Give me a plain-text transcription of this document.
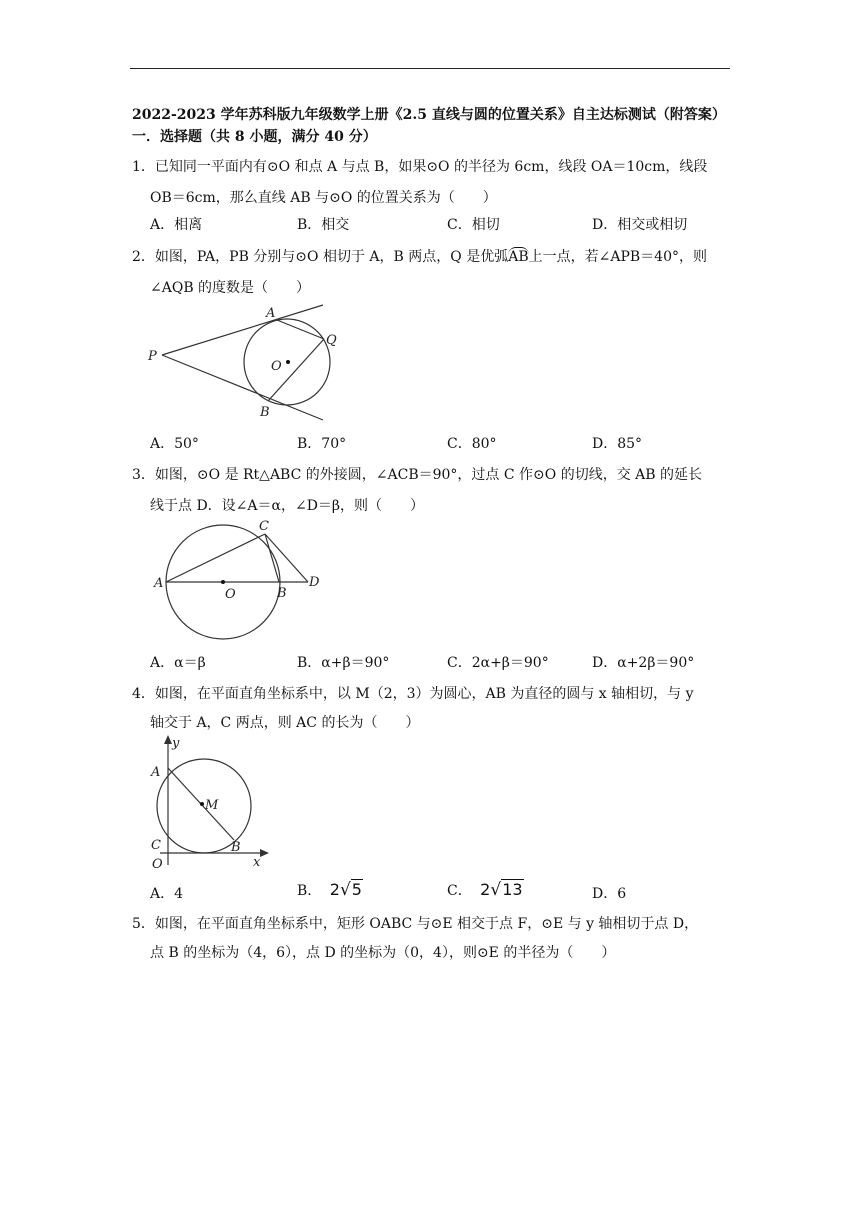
2022-2023 学年苏科版九年级数学上册《2.5 直线与圆的位置关系》自主达标测试（附答案）
一．选择题（共 8 小题，满分 40 分）
1．已知同一平面内有⊙O 和点 A 与点 B，如果⊙O 的半径为 6cm，线段 OA＝10cm，线段
OB＝6cm，那么直线 AB 与⊙O 的位置关系为（　　）
A．相离	B．相交	C．相切	D．相交或相切
2．如图，PA，PB 分别与⊙O 相切于 A，B 两点，Q 是优弧AB上一点，若∠APB＝40°，则
∠AQB 的度数是（　　）
P
A
B
Q
O
A．50°	B．70°	C．80°	D．85°
3．如图，⊙O 是 Rt△ABC 的外接圆，∠ACB＝90°，过点 C 作⊙O 的切线，交 AB 的延长
线于点 D．设∠A＝α，∠D＝β，则（　　）
A
C
O	B
D
A．α＝β	B．α+β＝90°	C．2α+β＝90°	D．α+2β＝90°
4．如图，在平面直角坐标系中，以 M（2，3）为圆心，AB 为直径的圆与 x 轴相切，与 y
轴交于 A，C 两点，则 AC 的长为（　　）
y
A
M
C
O
B
x
A．4	B． 2√5	C． 2√13	D．6
5．如图，在平面直角坐标系中，矩形 OABC 与⊙E 相交于点 F，⊙E 与 y 轴相切于点 D，
点 B 的坐标为（4，6），点 D 的坐标为（0，4），则⊙E 的半径为（　　）
